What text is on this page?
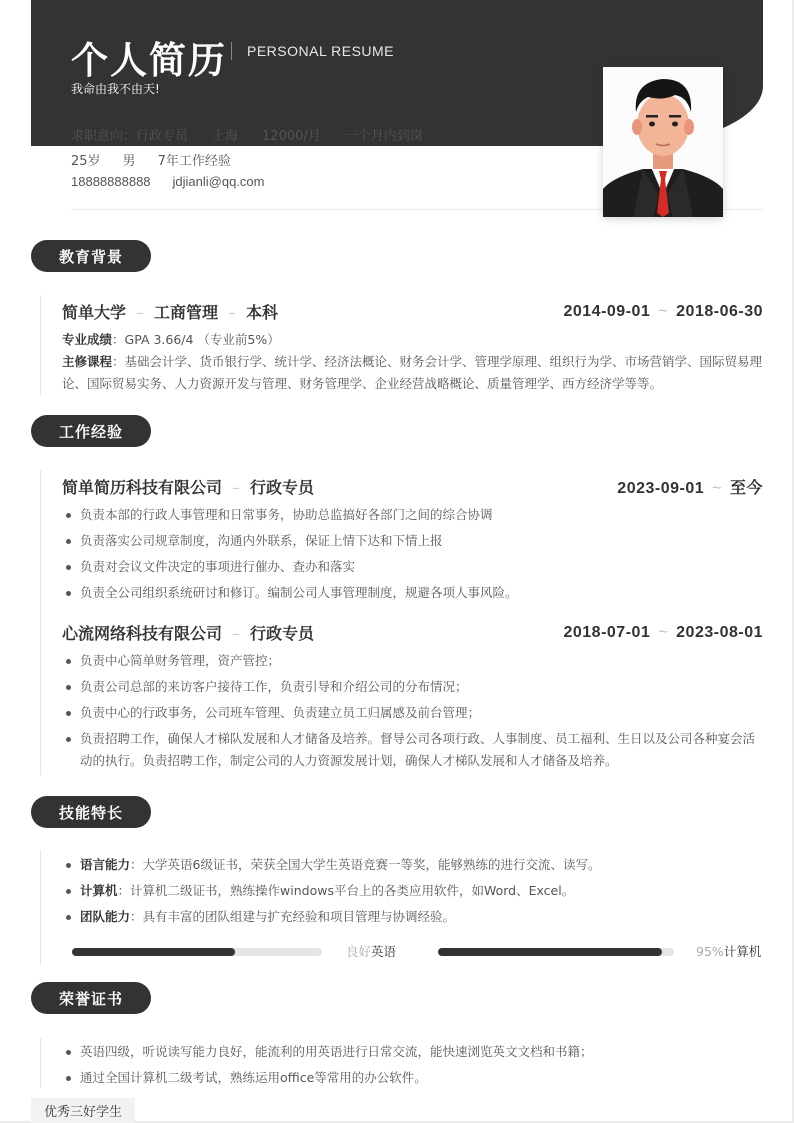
个人简历 PERSONAL RESUME
我命由我不由天!
求职意向：行政专员 上海 12000/月 一个月内到岗
25岁 男 7年工作经验
18888888888 jdjianli@qq.com
教育背景
简单大学 – 工商管理 – 本科	2014-09-01 ~ 2018-06-30
专业成绩：GPA 3.66/4 （专业前5%）
主修课程：基础会计学、货币银行学、统计学、经济法概论、财务会计学、管理学原理、组织行为学、市场营销学、国际贸易理论、国际贸易实务、人力资源开发与管理、财务管理学、企业经营战略概论、质量管理学、西方经济学等等。
工作经验
简单简历科技有限公司 – 行政专员	2023-09-01 ~ 至今
负责本部的行政人事管理和日常事务，协助总监搞好各部门之间的综合协调
负责落实公司规章制度，沟通内外联系，保证上情下达和下情上报
负责对会议文件决定的事项进行催办、查办和落实
负责全公司组织系统研讨和修订。编制公司人事管理制度，规避各项人事风险。
心流网络科技有限公司 – 行政专员	2018-07-01 ~ 2023-08-01
负责中心简单财务管理，资产管控；
负责公司总部的来访客户接待工作，负责引导和介绍公司的分布情况；
负责中心的行政事务，公司班车管理、负责建立员工归属感及前台管理；
负责招聘工作，确保人才梯队发展和人才储备及培养。督导公司各项行政、人事制度、员工福利、生日以及公司各种宴会活动的执行。负责招聘工作，制定公司的人力资源发展计划，确保人才梯队发展和人才储备及培养。
技能特长
语言能力：大学英语6级证书，荣获全国大学生英语竞赛一等奖，能够熟练的进行交流、读写。
计算机：计算机二级证书，熟练操作windows平台上的各类应用软件，如Word、Excel。
团队能力：具有丰富的团队组建与扩充经验和项目管理与协调经验。
良好英语	95%计算机
荣誉证书
英语四级，听说读写能力良好，能流利的用英语进行日常交流，能快速浏览英文文档和书籍；
通过全国计算机二级考试，熟练运用office等常用的办公软件。
优秀三好学生
